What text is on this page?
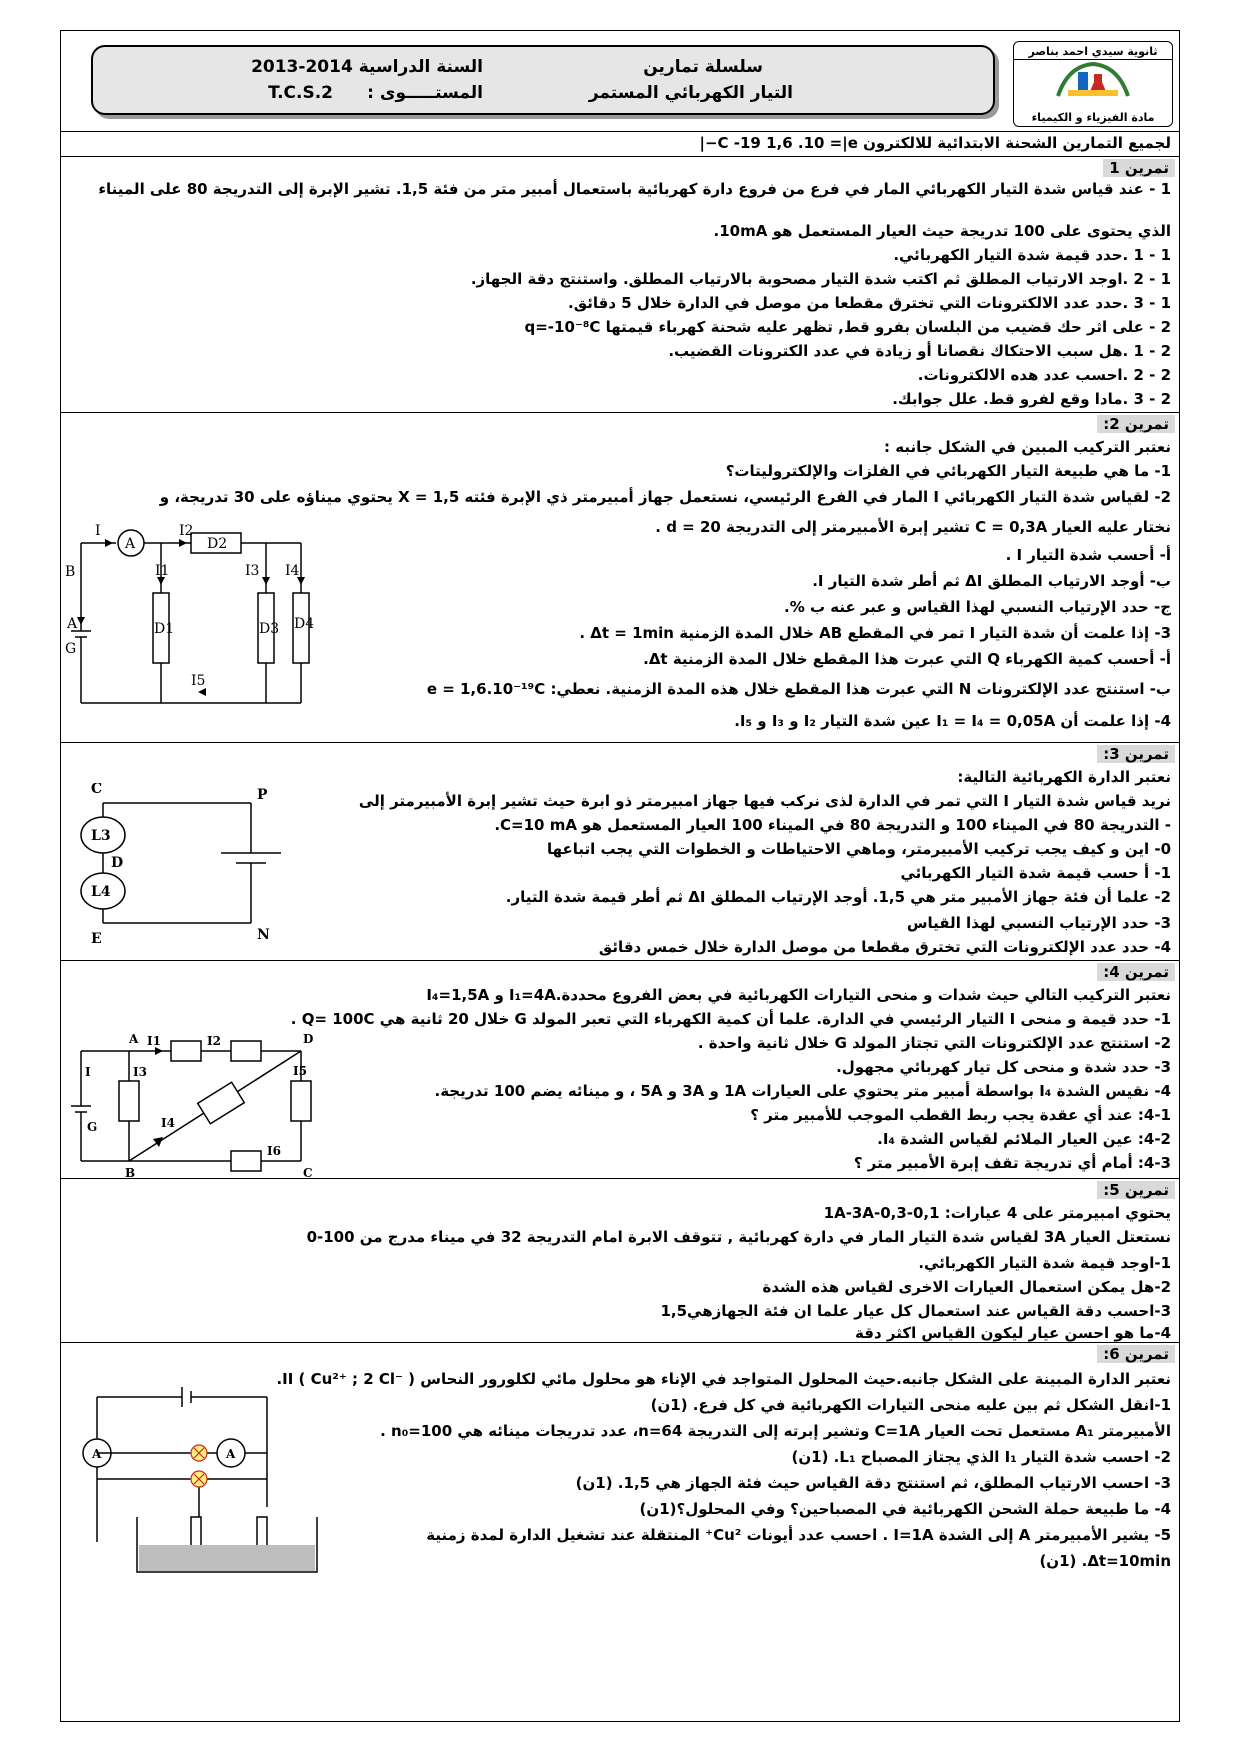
سلسلة تمارين
التيار الكهربائي المستمر
السنة الدراسية 2014-2013
المستـــــوى :
T.C.S.2
ثانوية سيدي احمد بناصر
مادة الفيزياء و الكيمياء
لجميع التمارين الشحنة الابتدائية للالكترون C ‎-19‎ 1,6 .10 =|e−|
تمرين 1
1 - عند قياس شدة التيار الكهربائي المار في فرع من فروع دارة كهربائية باستعمال أمبير متر من فئة 1,5. تشير الإبرة إلى التدريجة 80 على الميناء
الذي يحتوى على 100 تدريجة حيث العيار المستعمل هو 10mA.
1 - 1 .حدد قيمة شدة التيار الكهربائي.
1 - 2 .اوجد الارتياب المطلق ثم اكتب شدة التيار مصحوبة بالارتياب المطلق. واستنتج دقة الجهاز.
1 - 3 .حدد عدد الالكترونات التي تخترق مقطعا من موصل في الدارة خلال 5 دقائق.
2 - على اثر حك قضيب من البلسان بفرو قط, تظهر عليه شحنة كهرباء قيمتها q=-10⁻⁸C
2 - 1 .هل سبب الاحتكاك نقصانا أو زيادة في عدد الكترونات القضيب.
2 - 2 .احسب عدد هده الالكترونات.
2 - 3 .مادا وقع لفرو قط. علل جوابك.
تمرين 2:
نعتبر التركيب المبين في الشكل جانبه :
1- ما هي طبيعة التيار الكهربائي في الفلزات والإلكتروليتات؟
2- لقياس شدة التيار الكهربائي I المار في الفرع الرئيسي، نستعمل جهاز أمبيرمتر ذي الإبرة فئته X = 1,5 يحتوي ميناؤه على 30 تدريجة، و
نختار عليه العيار C = 0,3A تشير إبرة الأمبيرمتر إلى التدريجة d = 20 .
أ- أحسب شدة التيار I .
ب- أوجد الارتياب المطلق ΔI ثم أطر شدة التيار I.
ج- حدد الإرتياب النسبي لهذا القياس و عبر عنه ب %.
3- إذا علمت أن شدة التيار I تمر في المقطع AB خلال المدة الزمنية Δt = 1min .
أ- أحسب كمية الكهرباء Q التي عبرت هذا المقطع خلال المدة الزمنية Δt.
ب- استنتج عدد الإلكترونات N التي عبرت هذا المقطع خلال هذه المدة الزمنية. نعطي: e = 1,6.10⁻¹⁹C
4- إذا علمت أن I₁ = I₄ = 0,05A عين شدة التيار I₂ و I₃ و I₅.
I
A
I2
D2
B	I1	I3 I4
A
G
D1	D3 D4
I5
تمرين 3:
نعتبر الدارة الكهربائية التالية:
نريد قياس شدة التيار I التي تمر في الدارة لذى نركب فيها جهاز امبيرمتر ذو ابرة حيث تشير إبرة الأمبيرمتر إلى
- التدريجة 80 في الميناء 100 و التدريجة 80 في الميناء 100 العيار المستعمل هو C=10 mA.
0- اين و كيف يجب تركيب الأمبيرمتر، وماهي الاحتياطات و الخطوات التي يجب اتباعها
1- أ حسب قيمة شدة التيار الكهربائي
2- علما أن فئة جهاز الأمبير متر هي 1,5. أوجد الإرتياب المطلق ΔI ثم أطر قيمة شدة التيار.
3- حدد الإرتياب النسبي لهذا القياس
4- حدد عدد الإلكترونات التي تخترق مقطعا من موصل الدارة خلال خمس دقائق
C	P
L3
D
L4
E	N
تمرين 4:
نعتبر التركيب التالي حيث شدات و منحى التيارات الكهربائية في بعض الفروع محددة.I₁=4A و I₄=1,5A
1- حدد قيمة و منحى I التيار الرئيسي في الدارة. علما أن كمية الكهرباء التي تعبر المولد G خلال 20 ثانية هي Q= 100C .
2- استنتج عدد الإلكترونات التي تجتاز المولد G خلال ثانية واحدة .
3- حدد شدة و منحى كل تيار كهربائي مجهول.
4- نقيس الشدة I₄ بواسطة أمبير متر يحتوي على العيارات 1A و 3A و 5A ، و مينائه يضم 100 تدريجة.
4-1: عند أي عقدة يجب ربط القطب الموجب للأمبير متر ؟
4-2: عين العيار الملائم لقياس الشدة I₄.
4-3: أمام أي تدريجة تقف إبرة الأمبير متر ؟
A I1	I2	D
I	I3	I5
I4
G
I6
B	C
تمرين 5:
يحتوي امبيرمتر على 4 عيارات: 1A-3A-0,3-0,1
نستعتل العيار 3A لقياس شدة التيار المار في دارة كهربائية , تتوقف الابرة امام التدريجة 32 في ميناء مدرج من 100-0
1-اوجد قيمة شدة التيار الكهربائي.
2-هل يمكن استعمال العيارات الاخرى لقياس هذه الشدة
3-احسب دقة القياس عند استعمال كل عيار علما ان فئة الجهازهي1,5
4-ما هو احسن عيار ليكون القياس اكثر دقة
تمرين 6:
نعتبر الدارة المبينة على الشكل جانبه.حيث المحلول المتواجد في الإناء هو محلول مائي لكلورور النحاس II ( Cu²⁺ ; 2 Cl⁻ ).
1-انقل الشكل ثم بين عليه منحى التيارات الكهربائية في كل فرع. (1ن)
الأمبيرمتر A₁ مستعمل تحت العيار C=1A وتشير إبرته إلى التدريجة n=64، عدد تدريجات مينائه هي n₀=100 .
2- احسب شدة التيار I₁ الذي يجتاز المصباح L₁. (1ن)
3- احسب الارتياب المطلق، ثم استنتج دقة القياس حيث فئة الجهاز هي 1,5. (1ن)
4- ما طبيعة حملة الشحن الكهربائية في المصباحين؟ وفي المحلول؟(1ن)
5- يشير الأمبيرمتر A إلى الشدة I=1A . احسب عدد أيونات Cu²⁺ المنتقلة عند تشغيل الدارة لمدة زمنية
Δt=10min. (1ن)
A	A
